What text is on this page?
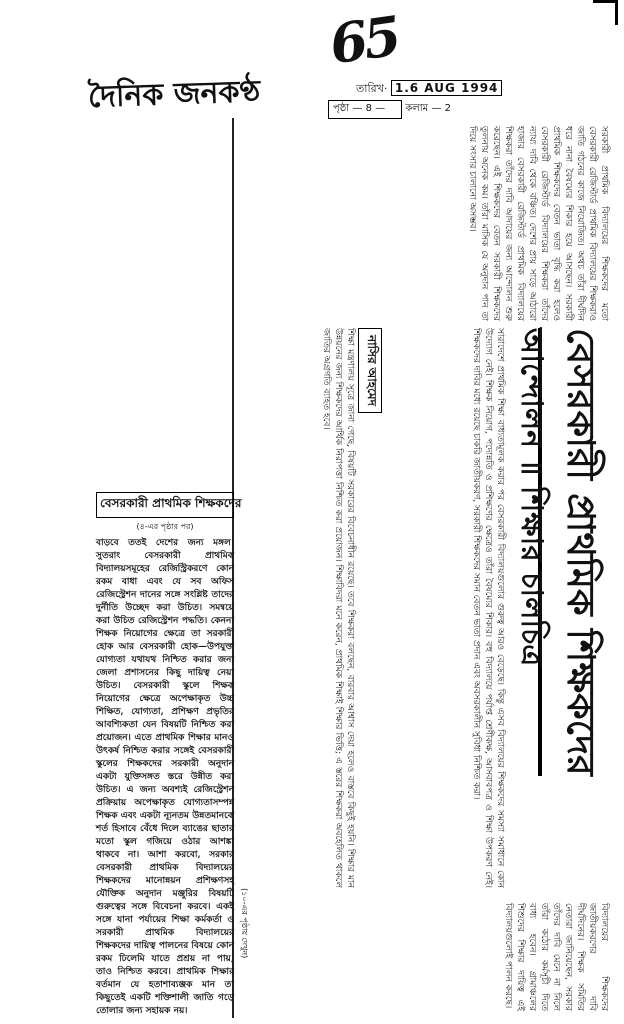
65
দৈনিক জনকণ্ঠ	তারিখ· 1.6 AUG 1994
পৃষ্ঠা — 8 — কলাম — 2

সরকারী প্রাথমিক বিদ্যালয়ের শিক্ষকদের মতো বেসরকারী রেজিস্টার্ড প্রাথমিক বিদ্যালয়ের শিক্ষকরাও জাতি গঠনের কাজে নিয়োজিত। অথচ তাঁরা দীর্ঘদিন ধরে নানা বৈষম্যের শিকার হয়ে আসছেন। সরকারী প্রাথমিক শিক্ষকদের বেতন ভাতা বৃদ্ধি করা হলেও বেসরকারী রেজিস্টার্ড বিদ্যালয়ের শিক্ষকরা তাঁদের ন্যায্য দাবি থেকে বঞ্চিত। দেশের প্রায় সাড়ে আঠারো হাজার বেসরকারী রেজিস্টার্ড প্রাথমিক বিদ্যালয়ের শিক্ষকরা তাঁদের দাবি আদায়ের জন্য আন্দোলন শুরু করেছেন। এই শিক্ষকদের বেতন সরকারী শিক্ষকদের তুলনায় অনেক কম। তাঁরা মাসিক যে অনুদান পান তা দিয়ে সংসার চালানো অসম্ভব।

বেসরকারী প্রাথমিক শিক্ষকদের
আন্দোলন ॥ শিক্ষার চালচিত্র

সারাদেশে প্রাথমিক শিক্ষা বাধ্যতামূলক করার পর বেসরকারী বিদ্যালয়গুলোর গুরুত্ব আরও বেড়েছে। কিন্তু এসব বিদ্যালয়ের শিক্ষকদের সমস্যা সমাধানে কোন উদ্যোগ নেই। শিক্ষক নিয়োগ, পদোন্নতি ও প্রশিক্ষণের ক্ষেত্রেও তাঁরা বৈষম্যের শিকার। বহু বিদ্যালয়ে পর্যাপ্ত শ্রেণীকক্ষ, আসবাবপত্র ও শিক্ষা উপকরণ নেই। শিক্ষকদের দাবির মধ্যে রয়েছে চাকরি জাতীয়করণ, সরকারী শিক্ষকদের সমান বেতন ভাতা প্রদান এবং অবসরকালীন সুবিধা নিশ্চিত করা।

নাসির আহমেদ

শিক্ষা মন্ত্রণালয় সূত্রে জানা গেছে, বিষয়টি সরকারের বিবেচনাধীন রয়েছে। তবে শিক্ষকরা বলছেন, বারবার আশ্বাস দেয়া হলেও বাস্তবে কিছুই হয়নি। শিক্ষার মান উন্নয়নের জন্য শিক্ষকদের আর্থিক নিরাপত্তা নিশ্চিত করা প্রয়োজন। শিক্ষাবিদরা মনে করেন, প্রাথমিক শিক্ষাই শিক্ষার ভিত্তি; এ স্তরের শিক্ষকরা অবহেলিত থাকলে জাতির অগ্রগতি ব্যাহত হবে।

বিদ্যালয়ের শিক্ষকদের জাতীয়করণের দাবি দীর্ঘদিনের। শিক্ষক সমিতির নেতারা জানিয়েছেন, সরকার তাঁদের দাবি মেনে না নিলে তাঁরা কঠোর কর্মসূচী দিতে বাধ্য হবেন। গ্রামাঞ্চলের শিশুদের শিক্ষার দায়িত্ব এই বিদ্যালয়গুলোই পালন করছে।

(১০-এর পৃষ্ঠায় দেখুন)
বেসরকারী প্রাথমিক শিক্ষকদের
(৪-এর পৃষ্ঠার পর)
বাড়বে ততই দেশের জন্য মঙ্গল। সুতরাং বেসরকারী প্রাথমিক বিদ্যালয়সমূহের রেজিস্ট্রিকরণে কোন রকম বাধা এবং যে সব অফিস রেজিস্ট্রেশন দানের সঙ্গে সংশ্লিষ্ট তাদের দুর্নীতি উচ্ছেদ করা উচিত। সমন্বয়ে করা উচিত রেজিস্ট্রেশন পদ্ধতি। কেননা শিক্ষক নিয়োগের ক্ষেত্রে তা সরকারী হোক আর বেসরকারী হোক—উপযুক্ত যোগ্যতা যথাযথ নিশ্চিত করার জন্য জেলা প্রশাসনের কিছু দায়িত্ব নেয়া উচিত। বেসরকারী স্কুলে শিক্ষক নিয়োগের ক্ষেত্রে অপেক্ষাকৃত উচ্চ শিক্ষিত, যোগ্যতা, প্রশিক্ষণ প্রভৃতির আবশ্যিকতা যেন বিষয়টি নিশ্চিত করা প্রয়োজন। এতে প্রাথমিক শিক্ষার মানও উৎকর্ষ নিশ্চিত করার সঙ্গেই বেসরকারী স্কুলের শিক্ষকদের সরকারী অনুদান একটা যুক্তিসঙ্গত স্তরে উন্নীত করা উচিত। এ জন্য অবশ্যই রেজিস্ট্রেশন প্রক্রিয়ায় অপেক্ষাকৃত যোগ্যতাসম্পন্ন শিক্ষক এবং একটা ন্যূনতম উন্নতমানকে শর্ত হিসাবে বেঁধে দিলে ব্যাঙের ছাতার মতো স্কুল গজিয়ে ওঠার আশঙ্কা থাকবে না। আশা করবো, সরকার বেসরকারী প্রাথমিক বিদ্যালয়ের শিক্ষকদের মানোন্নয়ন প্রশিক্ষণসহ যৌক্তিক অনুদান মঞ্জুরির বিষয়টি গুরুত্বের সঙ্গে বিবেচনা করবে। একই সঙ্গে যানা পর্যায়ের শিক্ষা কর্মকর্তা ও সরকারী প্রাথমিক বিদ্যালয়ের শিক্ষকদের দায়িত্ব পালনের বিষয়ে কোন রকম ঢিলেমি যাতে প্রশ্রয় না পায়, তাও নিশ্চিত করবে। প্রাথমিক শিক্ষার বর্তমান যে হতাশাব্যঞ্জক মান তা কিছুতেই একটি শক্তিশালী জাতি গড়ে তোলার জন্য সহায়ক নয়।
